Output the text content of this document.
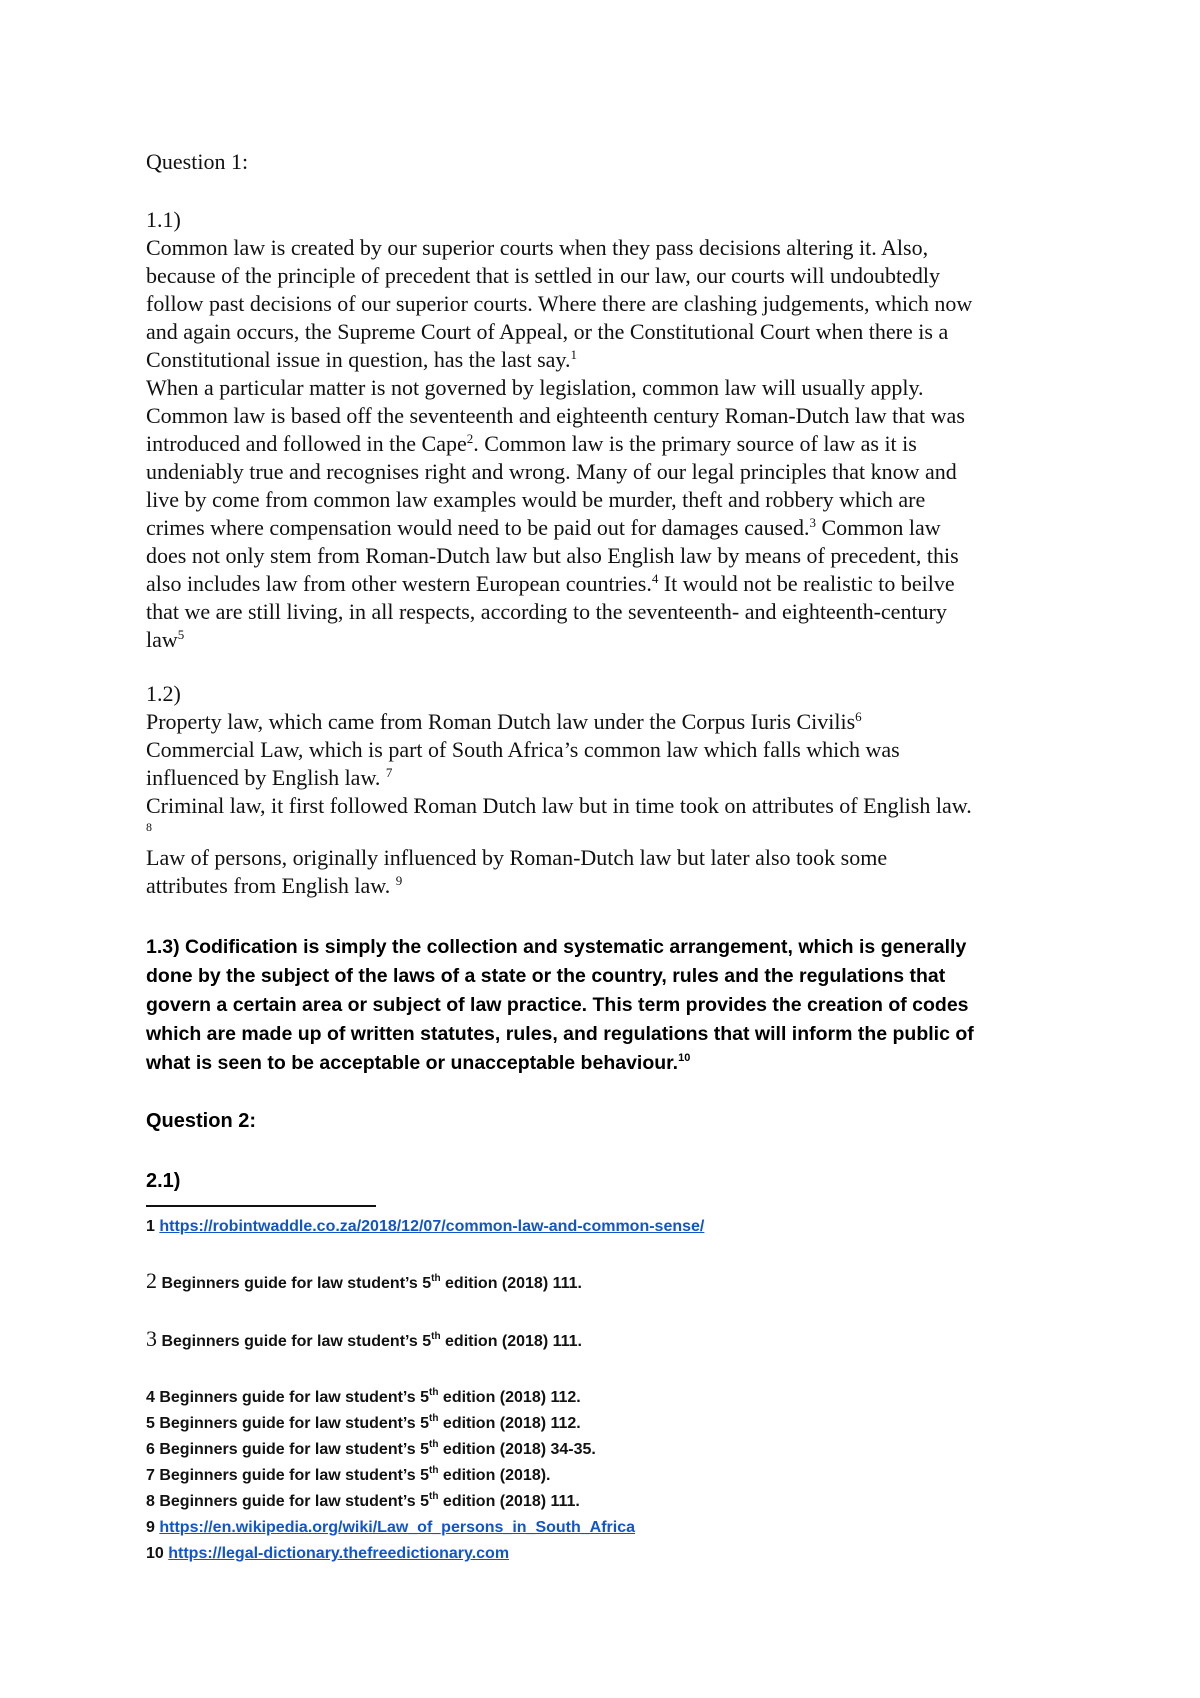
Question 1:
1.1)
Common law is created by our superior courts when they pass decisions altering it. Also,
because of the principle of precedent that is settled in our law, our courts will undoubtedly
follow past decisions of our superior courts. Where there are clashing judgements, which now
and again occurs, the Supreme Court of Appeal, or the Constitutional Court when there is a
Constitutional issue in question, has the last say.$^1$
When a particular matter is not governed by legislation, common law will usually apply.
Common law is based off the seventeenth and eighteenth century Roman-Dutch law that was
introduced and followed in the Cape$^2$. Common law is the primary source of law as it is
undeniably true and recognises right and wrong. Many of our legal principles that know and
live by come from common law examples would be murder, theft and robbery which are
crimes where compensation would need to be paid out for damages caused.$^3$ Common law
does not only stem from Roman-Dutch law but also English law by means of precedent, this
also includes law from other western European countries.$^4$ It would not be realistic to beilve
that we are still living, in all respects, according to the seventeenth- and eighteenth-century
law$^5$
1.2)
Property law, which came from Roman Dutch law under the Corpus Iuris Civilis$^6$
Commercial Law, which is part of South Africa’s common law which falls which was
influenced by English law. $^7$
Criminal law, it first followed Roman Dutch law but in time took on attributes of English law.
8
Law of persons, originally influenced by Roman-Dutch law but later also took some
attributes from English law. $^9$
1.3) Codification is simply the collection and systematic arrangement, which is generally
done by the subject of the laws of a state or the country, rules and the regulations that
govern a certain area or subject of law practice. This term provides the creation of codes
which are made up of written statutes, rules, and regulations that will inform the public of
what is seen to be acceptable or unacceptable behaviour.$^{10}$
Question 2:
2.1)
1 https://robintwaddle.co.za/2018/12/07/common-law-and-common-sense/
2 Beginners guide for law student’s 5th edition (2018) 111.
3 Beginners guide for law student’s 5th edition (2018) 111.
4 Beginners guide for law student’s 5th edition (2018) 112.
5 Beginners guide for law student’s 5th edition (2018) 112.
6 Beginners guide for law student’s 5th edition (2018) 34-35.
7 Beginners guide for law student’s 5th edition (2018).
8 Beginners guide for law student’s 5th edition (2018) 111.
9 https://en.wikipedia.org/wiki/Law_of_persons_in_South_Africa
10 https://legal-dictionary.thefreedictionary.com
